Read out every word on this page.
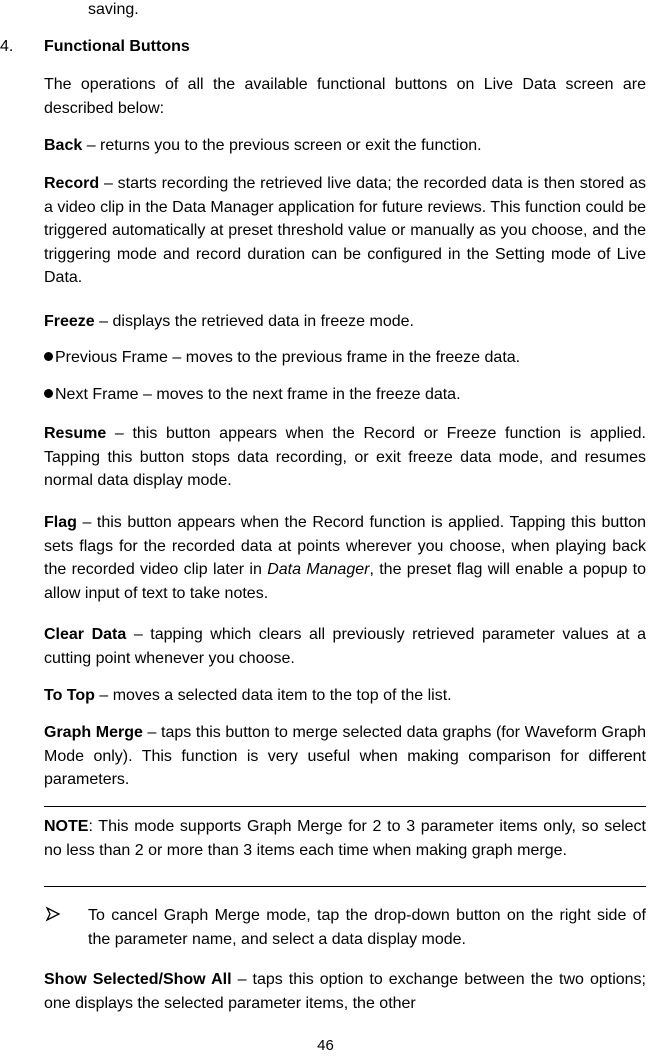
saving.
4. Functional Buttons
The operations of all the available functional buttons on Live Data screen are described below:
Back – returns you to the previous screen or exit the function.
Record – starts recording the retrieved live data; the recorded data is then stored as a video clip in the Data Manager application for future reviews. This function could be triggered automatically at preset threshold value or manually as you choose, and the triggering mode and record duration can be configured in the Setting mode of Live Data.
Freeze – displays the retrieved data in freeze mode.
Previous Frame – moves to the previous frame in the freeze data.
Next Frame – moves to the next frame in the freeze data.
Resume – this button appears when the Record or Freeze function is applied. Tapping this button stops data recording, or exit freeze data mode, and resumes normal data display mode.
Flag – this button appears when the Record function is applied. Tapping this button sets flags for the recorded data at points wherever you choose, when playing back the recorded video clip later in Data Manager, the preset flag will enable a popup to allow input of text to take notes.
Clear Data – tapping which clears all previously retrieved parameter values at a cutting point whenever you choose.
To Top – moves a selected data item to the top of the list.
Graph Merge – taps this button to merge selected data graphs (for Waveform Graph Mode only). This function is very useful when making comparison for different parameters.
NOTE: This mode supports Graph Merge for 2 to 3 parameter items only, so select no less than 2 or more than 3 items each time when making graph merge.
To cancel Graph Merge mode, tap the drop-down button on the right side of the parameter name, and select a data display mode.
Show Selected/Show All – taps this option to exchange between the two options; one displays the selected parameter items, the other
46
